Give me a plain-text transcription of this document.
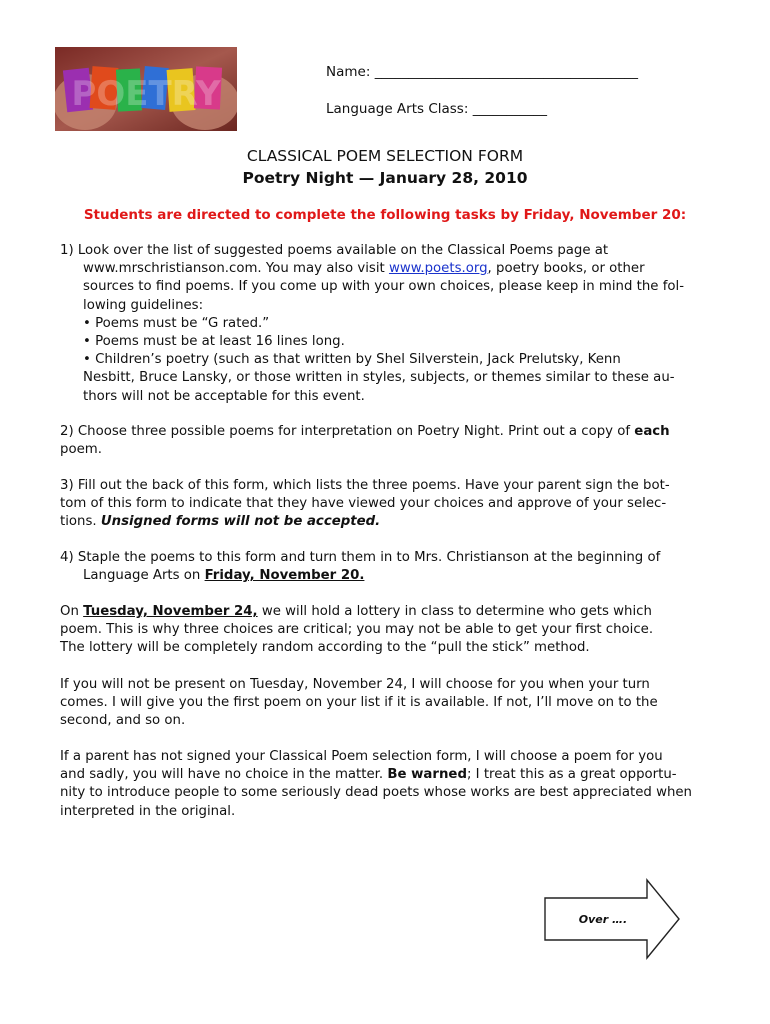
POETRY
Name: _______________________________________
Language Arts Class: ___________
CLASSICAL POEM SELECTION FORM
Poetry Night — January 28, 2010
Students are directed to complete the following tasks by Friday, November 20:
1) Look over the list of suggested poems available on the Classical Poems page at
www.mrschristianson.com. You may also visit www.poets.org, poetry books, or other
sources to find poems. If you come up with your own choices, please keep in mind the fol-
lowing guidelines:
• Poems must be “G rated.”
• Poems must be at least 16 lines long.
• Children’s poetry (such as that written by Shel Silverstein, Jack Prelutsky, Kenn
Nesbitt, Bruce Lansky, or those written in styles, subjects, or themes similar to these au-
thors will not be acceptable for this event.
2) Choose three possible poems for interpretation on Poetry Night. Print out a copy of each
poem.
3) Fill out the back of this form, which lists the three poems. Have your parent sign the bot-
tom of this form to indicate that they have viewed your choices and approve of your selec-
tions. Unsigned forms will not be accepted.
4) Staple the poems to this form and turn them in to Mrs. Christianson at the beginning of
Language Arts on Friday, November 20.
On Tuesday, November 24, we will hold a lottery in class to determine who gets which
poem. This is why three choices are critical; you may not be able to get your first choice.
The lottery will be completely random according to the “pull the stick” method.
If you will not be present on Tuesday, November 24, I will choose for you when your turn
comes. I will give you the first poem on your list if it is available. If not, I’ll move on to the
second, and so on.
If a parent has not signed your Classical Poem selection form, I will choose a poem for you
and sadly, you will have no choice in the matter. Be warned; I treat this as a great opportu-
nity to introduce people to some seriously dead poets whose works are best appreciated when
interpreted in the original.
Over ….
